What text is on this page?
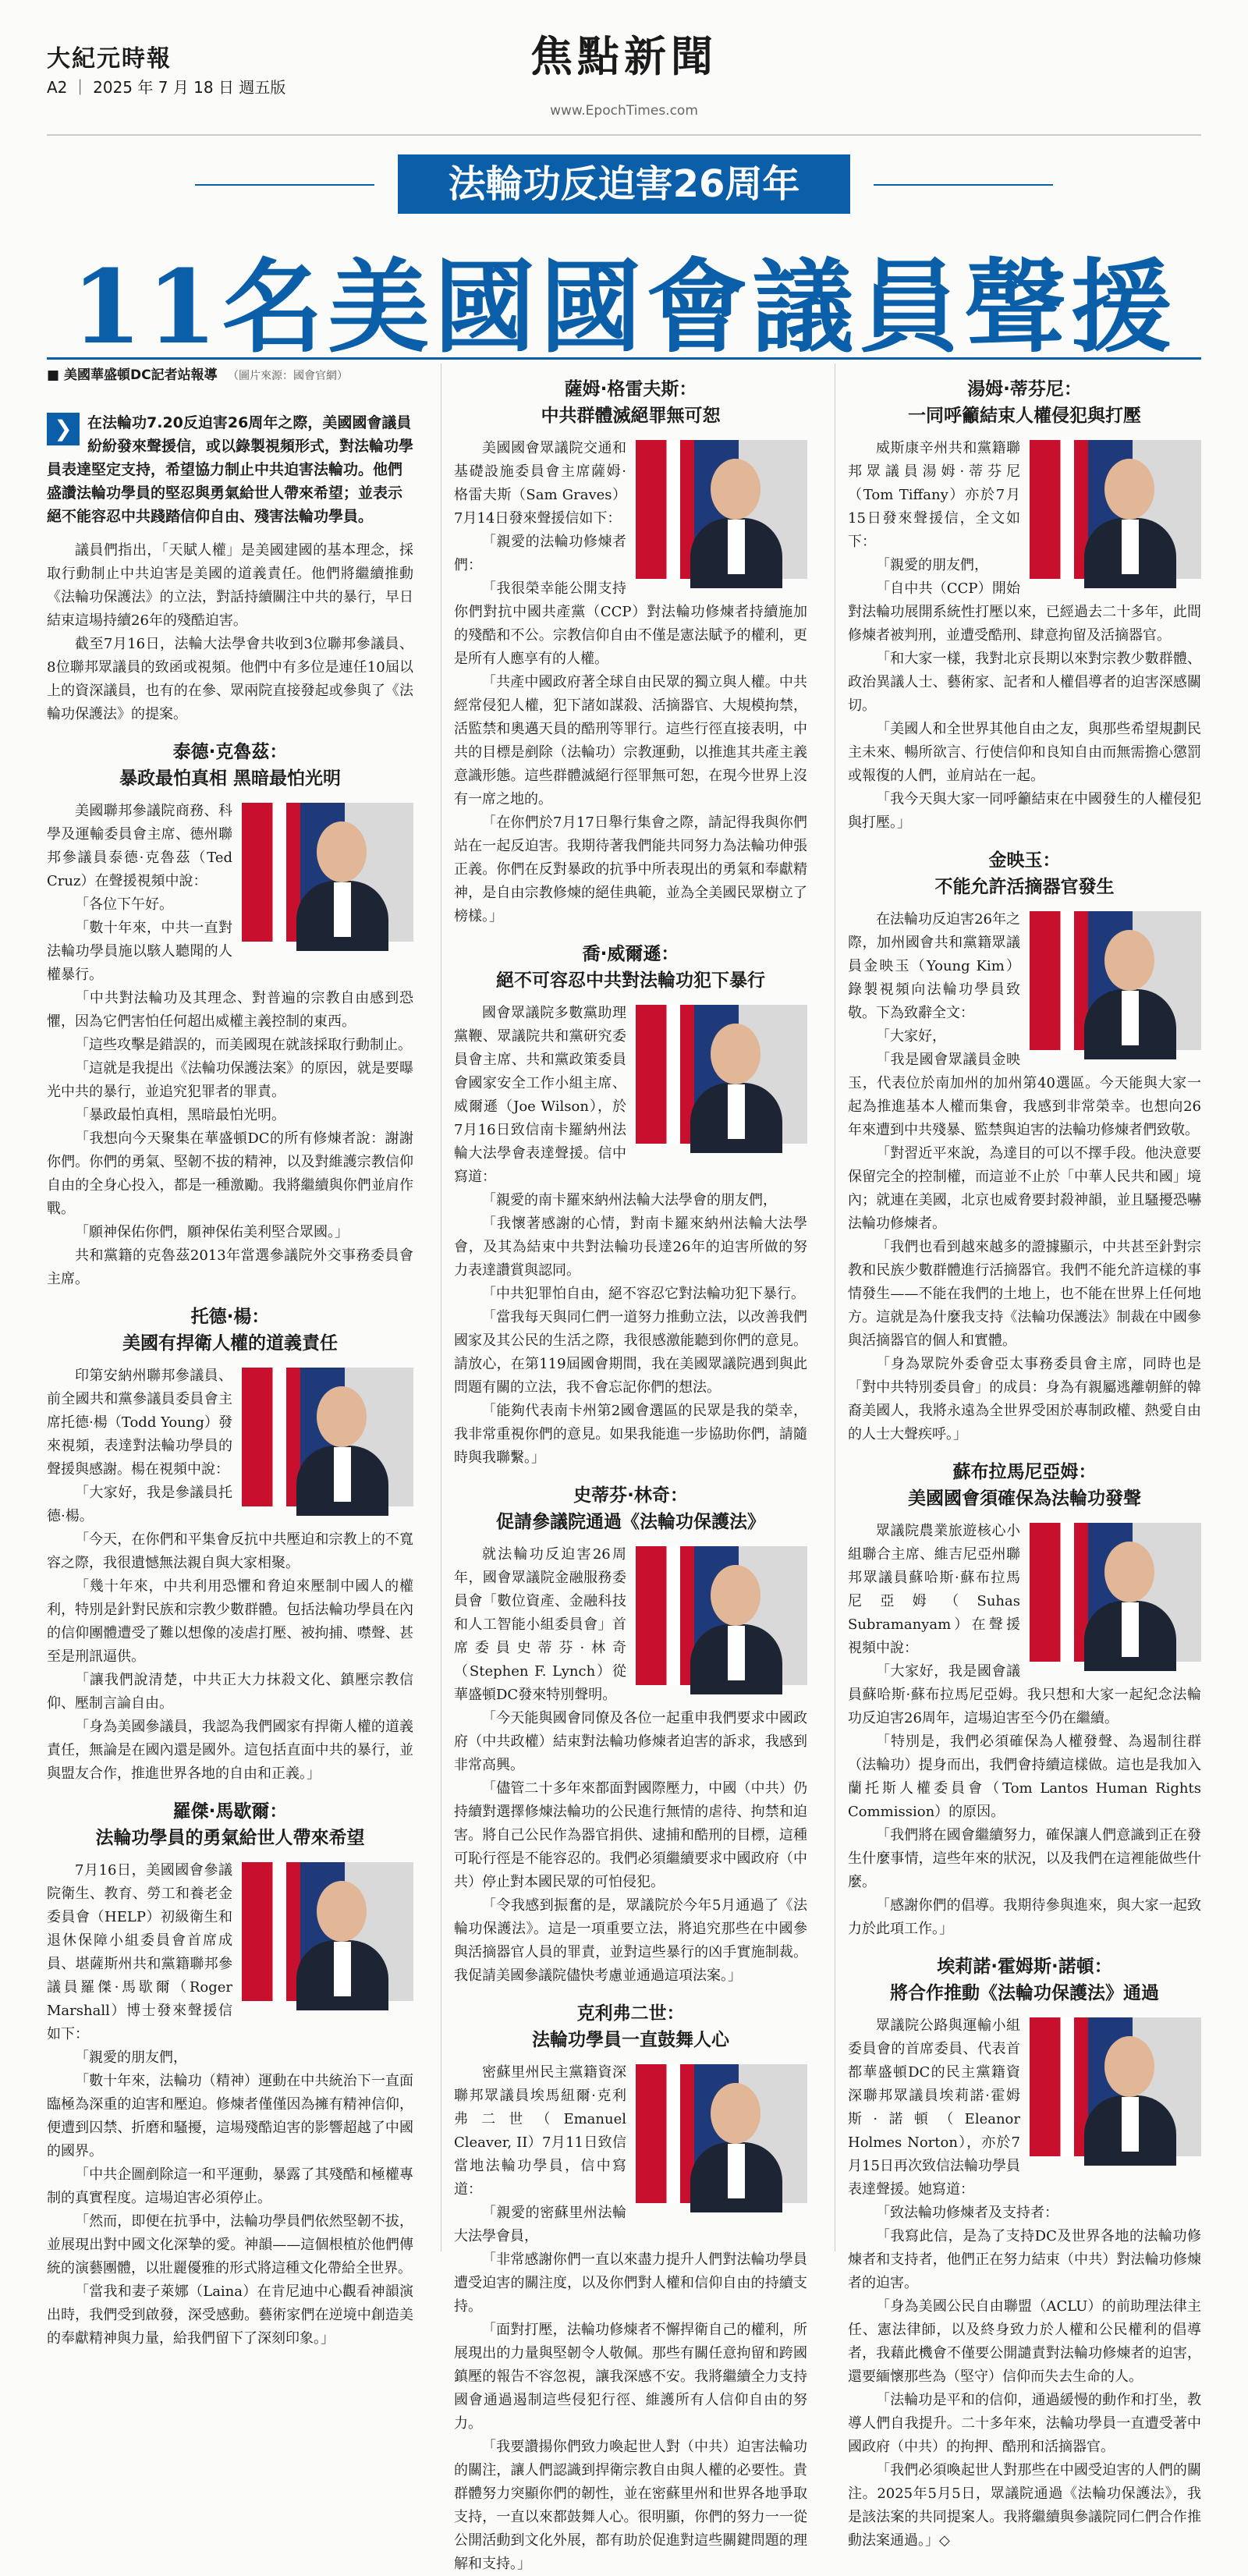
大紀元時報
A2 ｜ 2025 年 7 月 18 日 週五版
焦點新聞
www.EpochTimes.com
法輪功反迫害26周年
11名美國國會議員聲援
■ 美國華盛頓DC記者站報導 （圖片來源：國會官網）
❯	在法輪功7.20反迫害26周年之際，美國國會議員紛紛發來聲援信，或以錄製視頻形式，對法輪功學員表達堅定支持，希望協力制止中共迫害法輪功。他們盛讚法輪功學員的堅忍與勇氣給世人帶來希望；並表示絕不能容忍中共踐踏信仰自由、殘害法輪功學員。

議員們指出，「天賦人權」是美國建國的基本理念，採取行動制止中共迫害是美國的道義責任。他們將繼續推動《法輪功保護法》的立法，對話持續關注中共的暴行，早日結束這場持續26年的殘酷迫害。

截至7月16日，法輪大法學會共收到3位聯邦參議員、8位聯邦眾議員的致函或視頻。他們中有多位是連任10屆以上的資深議員，也有的在參、眾兩院直接發起或參與了《法輪功保護法》的提案。

泰德·克魯茲：
暴政最怕真相 黑暗最怕光明

美國聯邦參議院商務、科學及運輸委員會主席、德州聯邦參議員泰德·克魯茲（Ted Cruz）在聲援視頻中說：

「各位下午好。

「數十年來，中共一直對法輪功學員施以駭人聽聞的人權暴行。

「中共對法輪功及其理念、對普遍的宗教自由感到恐懼，因為它們害怕任何超出威權主義控制的東西。

「這些攻擊是錯誤的，而美國現在就該採取行動制止。

「這就是我提出《法輪功保護法案》的原因，就是要曝光中共的暴行，並追究犯罪者的罪責。

「暴政最怕真相，黑暗最怕光明。

「我想向今天聚集在華盛頓DC的所有修煉者說：謝謝你們。你們的勇氣、堅韌不拔的精神，以及對維護宗教信仰自由的全身心投入，都是一種激勵。我將繼續與你們並肩作戰。

「願神保佑你們，願神保佑美利堅合眾國。」

共和黨籍的克魯茲2013年當選參議院外交事務委員會主席。

托德·楊：
美國有捍衛人權的道義責任

印第安納州聯邦參議員、前全國共和黨參議員委員會主席托德·楊（Todd Young）發來視頻，表達對法輪功學員的聲援與感謝。楊在視頻中說：

「大家好，我是參議員托德·楊。

「今天，在你們和平集會反抗中共壓迫和宗教上的不寬容之際，我很遺憾無法親自與大家相聚。

「幾十年來，中共利用恐懼和脅迫來壓制中國人的權利，特別是針對民族和宗教少數群體。包括法輪功學員在內的信仰團體遭受了難以想像的凌虐打壓、被拘捕、噤聲、甚至是刑訊逼供。

「讓我們說清楚，中共正大力抹殺文化、鎮壓宗教信仰、壓制言論自由。

「身為美國參議員，我認為我們國家有捍衛人權的道義責任，無論是在國內還是國外。這包括直面中共的暴行，並與盟友合作，推進世界各地的自由和正義。」

羅傑·馬歇爾：
法輪功學員的勇氣給世人帶來希望

7月16日，美國國會參議院衛生、教育、勞工和養老金委員會（HELP）初級衛生和退休保障小組委員會首席成員、堪薩斯州共和黨籍聯邦參議員羅傑·馬歇爾（Roger Marshall）博士發來聲援信如下：

「親愛的朋友們，

「數十年來，法輪功（精神）運動在中共統治下一直面臨極為深重的迫害和壓迫。修煉者僅僅因為擁有精神信仰，便遭到囚禁、折磨和騷擾，這場殘酷迫害的影響超越了中國的國界。

「中共企圖剷除這一和平運動，暴露了其殘酷和極權專制的真實程度。這場迫害必須停止。

「然而，即便在抗爭中，法輪功學員們依然堅韌不拔，並展現出對中國文化深摯的愛。神韻——這個根植於他們傳統的演藝團體，以壯麗優雅的形式將這種文化帶給全世界。

「當我和妻子萊娜（Laina）在肯尼迪中心觀看神韻演出時，我們受到啟發，深受感動。藝術家們在逆境中創造美的奉獻精神與力量，給我們留下了深刻印象。」

薩姆·格雷夫斯：
中共群體滅絕罪無可恕

美國國會眾議院交通和基礎設施委員會主席薩姆·格雷夫斯（Sam Graves）7月14日發來聲援信如下：

「親愛的法輪功修煉者們：

「我很榮幸能公開支持你們對抗中國共產黨（CCP）對法輪功修煉者持續施加的殘酷和不公。宗教信仰自由不僅是憲法賦予的權利，更是所有人應享有的人權。

「共產中國政府著全球自由民眾的獨立與人權。中共經常侵犯人權，犯下諸如謀殺、活摘器官、大規模拘禁，活監禁和奧邁天員的酷刑等罪行。這些行徑直接表明，中共的目標是剷除（法輪功）宗教運動，以推進其共產主義意識形態。這些群體滅絕行徑罪無可恕，在現今世界上沒有一席之地的。

「在你們於7月17日舉行集會之際，請記得我與你們站在一起反迫害。我期待著我們能共同努力為法輪功伸張正義。你們在反對暴政的抗爭中所表現出的勇氣和奉獻精神，是自由宗教修煉的絕佳典範，並為全美國民眾樹立了榜樣。」

喬·威爾遜：
絕不可容忍中共對法輪功犯下暴行

國會眾議院多數黨助理黨鞭、眾議院共和黨研究委員會主席、共和黨政策委員會國家安全工作小組主席、威爾遜（Joe Wilson），於7月16日致信南卡羅納州法輪大法學會表達聲援。信中寫道：

「親愛的南卡羅來納州法輪大法學會的朋友們，

「我懷著感謝的心情，對南卡羅來納州法輪大法學會，及其為結束中共對法輪功長達26年的迫害所做的努力表達讚賞與認同。

「中共犯罪怕自由，絕不容忍它對法輪功犯下暴行。

「當我每天與同仁們一道努力推動立法，以改善我們國家及其公民的生活之際，我很感激能聽到你們的意見。請放心，在第119屆國會期間，我在美國眾議院遇到與此問題有關的立法，我不會忘記你們的想法。

「能夠代表南卡州第2國會選區的民眾是我的榮幸，我非常重視你們的意見。如果我能進一步協助你們，請隨時與我聯繫。」

史蒂芬·林奇：
促請參議院通過《法輪功保護法》

就法輪功反迫害26周年，國會眾議院金融服務委員會「數位資產、金融科技和人工智能小組委員會」首席委員史蒂芬·林奇（Stephen F. Lynch）從華盛頓DC發來特別聲明。

「今天能與國會同僚及各位一起重申我們要求中國政府（中共政權）結束對法輪功修煉者迫害的訴求，我感到非常高興。

「儘管二十多年來都面對國際壓力，中國（中共）仍持續對選擇修煉法輪功的公民進行無情的虐待、拘禁和迫害。將自己公民作為器官捐供、逮捕和酷刑的目標，這種可恥行徑是不能容忍的。我們必須繼續要求中國政府（中共）停止對本國民眾的可怕侵犯。

「令我感到振奮的是，眾議院於今年5月通過了《法輪功保護法》。這是一項重要立法，將追究那些在中國參與活摘器官人員的罪責，並對這些暴行的凶手實施制裁。我促請美國參議院儘快考慮並通過這項法案。」

克利弗二世：
法輪功學員一直鼓舞人心

密蘇里州民主黨籍資深聯邦眾議員埃馬紐爾·克利弗二世（Emanuel Cleaver, II）7月11日致信當地法輪功學員，信中寫道：

「親愛的密蘇里州法輪大法學會員，

「非常感謝你們一直以來盡力提升人們對法輪功學員遭受迫害的關注度，以及你們對人權和信仰自由的持續支持。

「面對打壓，法輪功修煉者不懈捍衛自己的權利，所展現出的力量與堅韌令人敬佩。那些有關任意拘留和跨國鎮壓的報告不容忽視，讓我深感不安。我將繼續全力支持國會通過遏制這些侵犯行徑、維護所有人信仰自由的努力。

「我要讚揚你們致力喚起世人對（中共）迫害法輪功的關注，讓人們認識到捍衛宗教自由與人權的必要性。貴群體努力突顯你們的韌性，並在密蘇里州和世界各地爭取支持，一直以來都鼓舞人心。很明顯，你們的努力一一從公開活動到文化外展，都有助於促進對這些關鍵問題的理解和支持。」

湯姆·蒂芬尼：
一同呼籲結束人權侵犯與打壓

威斯康辛州共和黨籍聯邦眾議員湯姆·蒂芬尼（Tom Tiffany）亦於7月15日發來聲援信，全文如下：

「親愛的朋友們，

「自中共（CCP）開始對法輪功展開系統性打壓以來，已經過去二十多年，此間修煉者被判刑，並遭受酷刑、肆意拘留及活摘器官。

「和大家一樣，我對北京長期以來對宗教少數群體、政治異議人士、藝術家、記者和人權倡導者的迫害深感關切。

「美國人和全世界其他自由之友，與那些希望規劃民主未來、暢所欲言、行使信仰和良知自由而無需擔心懲罰或報復的人們，並肩站在一起。

「我今天與大家一同呼籲結束在中國發生的人權侵犯與打壓。」

金映玉：
不能允許活摘器官發生

在法輪功反迫害26年之際，加州國會共和黨籍眾議員金映玉（Young Kim）錄製視頻向法輪功學員致敬。下為致辭全文：

「大家好，

「我是國會眾議員金映玉，代表位於南加州的加州第40選區。今天能與大家一起為推進基本人權而集會，我感到非常榮幸。也想向26年來遭到中共殘暴、監禁與迫害的法輪功修煉者們致敬。

「對習近平來說，為達目的可以不擇手段。他決意要保留完全的控制權，而這並不止於「中華人民共和國」境內；就連在美國，北京也威脅要封殺神韻，並且騷擾恐嚇法輪功修煉者。

「我們也看到越來越多的證據顯示，中共甚至針對宗教和民族少數群體進行活摘器官。我們不能允許這樣的事情發生——不能在我們的土地上，也不能在世界上任何地方。這就是為什麼我支持《法輪功保護法》制裁在中國參與活摘器官的個人和實體。

「身為眾院外委會亞太事務委員會主席，同時也是「對中共特別委員會」的成員：身為有親屬逃離朝鮮的韓裔美國人，我將永遠為全世界受困於專制政權、熱愛自由的人士大聲疾呼。」

蘇布拉馬尼亞姆：
美國國會須確保為法輪功發聲

眾議院農業旅遊核心小組聯合主席、維吉尼亞州聯邦眾議員蘇哈斯·蘇布拉馬尼亞姆（Suhas Subramanyam）在聲援視頻中說：

「大家好，我是國會議員蘇哈斯·蘇布拉馬尼亞姆。我只想和大家一起紀念法輪功反迫害26周年，這場迫害至今仍在繼續。

「特別是，我們必須確保為人權發聲、為遏制往群（法輪功）提身而出，我們會持續這樣做。這也是我加入蘭托斯人權委員會（Tom Lantos Human Rights Commission）的原因。

「我們將在國會繼續努力，確保讓人們意識到正在發生什麼事情，這些年來的狀況，以及我們在這裡能做些什麼。

「感謝你們的倡導。我期待參與進來，與大家一起致力於此項工作。」

埃莉諾·霍姆斯·諾頓：
將合作推動《法輪功保護法》通過

眾議院公路與運輸小組委員會的首席委員、代表首都華盛頓DC的民主黨籍資深聯邦眾議員埃莉諾·霍姆斯·諾頓（Eleanor Holmes Norton），亦於7月15日再次致信法輪功學員表達聲援。她寫道：

「致法輪功修煉者及支持者：

「我寫此信，是為了支持DC及世界各地的法輪功修煉者和支持者，他們正在努力結束（中共）對法輪功修煉者的迫害。

「身為美國公民自由聯盟（ACLU）的前助理法律主任、憲法律師，以及終身致力於人權和公民權利的倡導者，我藉此機會不僅要公開譴責對法輪功修煉者的迫害，還要緬懷那些為（堅守）信仰而失去生命的人。

「法輪功是平和的信仰，通過緩慢的動作和打坐，教導人們自我提升。二十多年來，法輪功學員一直遭受著中國政府（中共）的拘押、酷刑和活摘器官。

「我們必須喚起世人對那些在中國受迫害的人們的關注。2025年5月5日，眾議院通過《法輪功保護法》，我是該法案的共同提案人。我將繼續與參議院同仁們合作推動法案通過。」◇
